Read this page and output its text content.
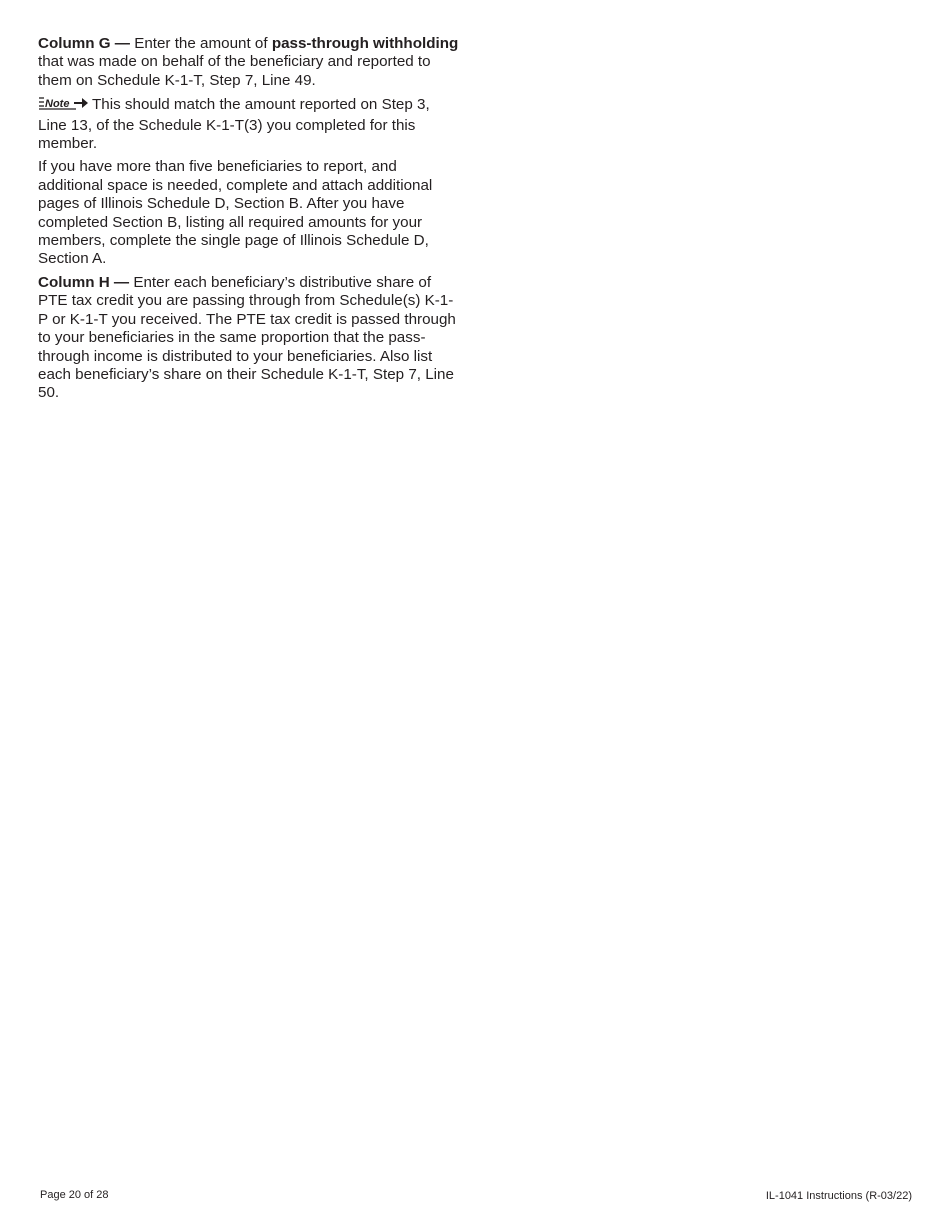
Column G — Enter the amount of pass-through withholding that was made on behalf of the beneficiary and reported to them on Schedule K-1-T, Step 7, Line 49.

Note This should match the amount reported on Step 3, Line 13, of the Schedule K-1-T(3) you completed for this member.

If you have more than five beneficiaries to report, and additional space is needed, complete and attach additional pages of Illinois Schedule D, Section B. After you have completed Section B, listing all required amounts for your members, complete the single page of Illinois Schedule D, Section A.

Column H — Enter each beneficiary’s distributive share of PTE tax credit you are passing through from Schedule(s) K-1-P or K-1-T you received. The PTE tax credit is passed through to your beneficiaries in the same proportion that the pass-through income is distributed to your beneficiaries. Also list each beneficiary’s share on their Schedule K-1-T, Step 7, Line 50.

Page 20 of 28	IL-1041 Instructions (R-03/22)
